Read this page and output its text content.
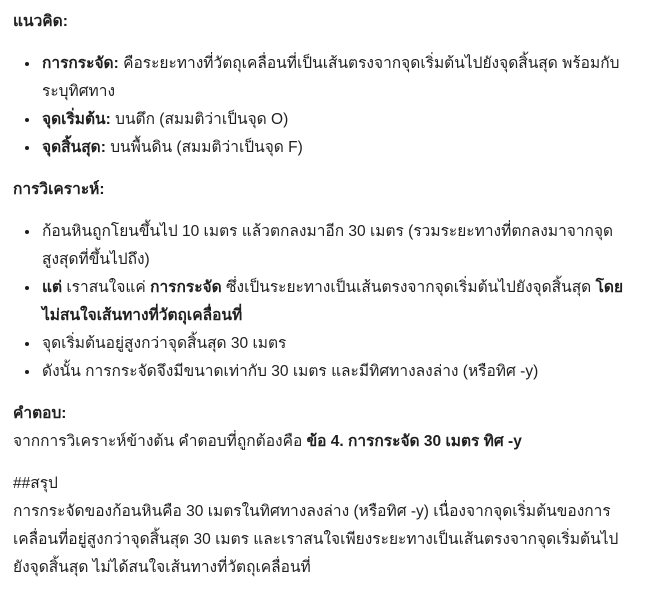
แนวคิด:

• การกระจัด: คือระยะทางที่วัตถุเคลื่อนที่เป็นเส้นตรงจากจุดเริ่มต้นไปยังจุดสิ้นสุด พร้อมกับระบุทิศทาง
• จุดเริ่มต้น: บนตึก (สมมติว่าเป็นจุด O)
• จุดสิ้นสุด: บนพื้นดิน (สมมติว่าเป็นจุด F)

การวิเคราะห์:

• ก้อนหินถูกโยนขึ้นไป 10 เมตร แล้วตกลงมาอีก 30 เมตร (รวมระยะทางที่ตกลงมาจากจุดสูงสุดที่ขึ้นไปถึง)
• แต่ เราสนใจแค่ การกระจัด ซึ่งเป็นระยะทางเป็นเส้นตรงจากจุดเริ่มต้นไปยังจุดสิ้นสุด โดยไม่สนใจเส้นทางที่วัตถุเคลื่อนที่
• จุดเริ่มต้นอยู่สูงกว่าจุดสิ้นสุด 30 เมตร
• ดังนั้น การกระจัดจึงมีขนาดเท่ากับ 30 เมตร และมีทิศทางลงล่าง (หรือทิศ -y)

คำตอบ:
จากการวิเคราะห์ข้างต้น คำตอบที่ถูกต้องคือ ข้อ 4. การกระจัด 30 เมตร ทิศ -y

##สรุป
การกระจัดของก้อนหินคือ 30 เมตรในทิศทางลงล่าง (หรือทิศ -y) เนื่องจากจุดเริ่มต้นของการเคลื่อนที่อยู่สูงกว่าจุดสิ้นสุด 30 เมตร และเราสนใจเพียงระยะทางเป็นเส้นตรงจากจุดเริ่มต้นไปยังจุดสิ้นสุด ไม่ได้สนใจเส้นทางที่วัตถุเคลื่อนที่
